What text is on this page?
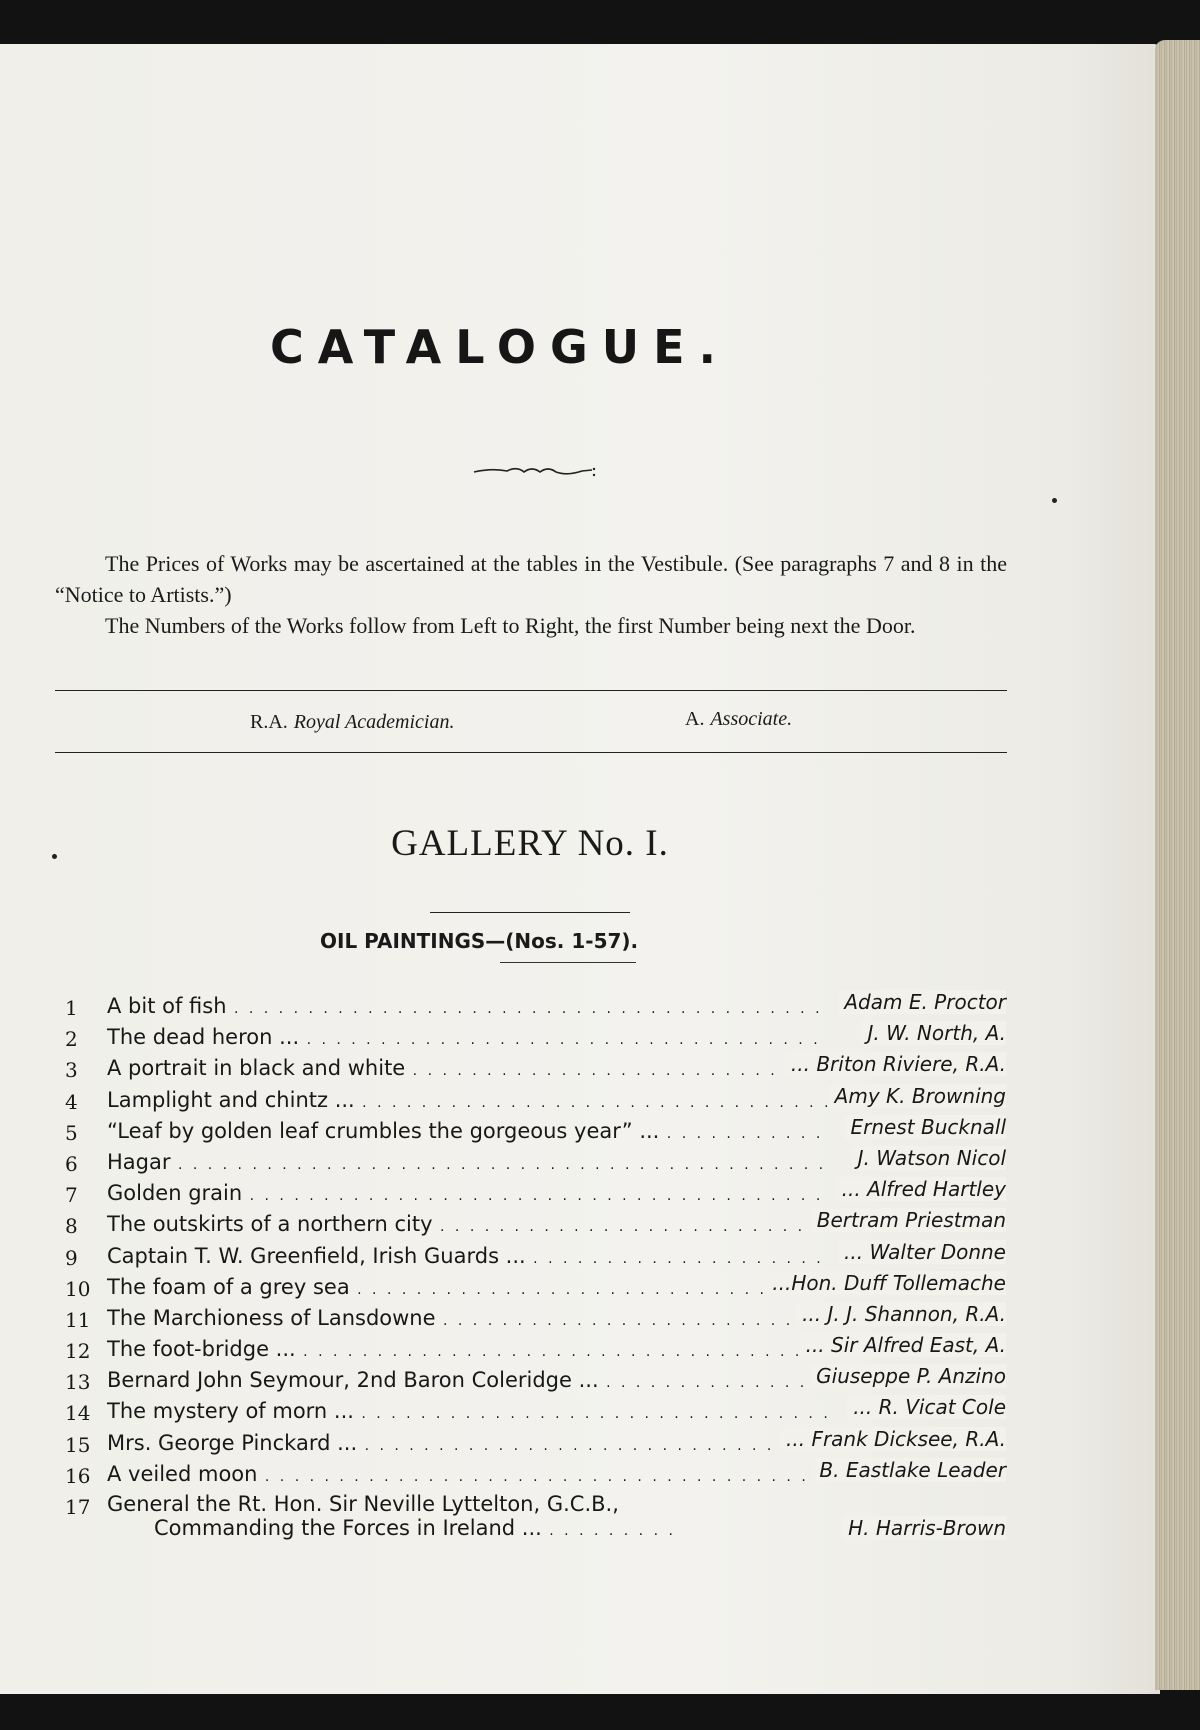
CATALOGUE.

The Prices of Works may be ascertained at the tables in the Vestibule. (See paragraphs 7 and 8 in the “Notice to Artists.”)

The Numbers of the Works follow from Left to Right, the first Number being next the Door.

R.A. Royal Academician.	A. Associate.
GALLERY No. I.
OIL PAINTINGS—(Nos. 1-57).
1	A bit of fish . . .	Adam E. Proctor
2	The dead heron ... . . .	J. W. North, A.
3	A portrait in black and white . . .	... Briton Riviere, R.A.
4	Lamplight and chintz ... . . .	Amy K. Browning
5	“Leaf by golden leaf crumbles the gorgeous year” ... . . .	Ernest Bucknall
6	Hagar . . .	J. Watson Nicol
7	Golden grain . . .	... Alfred Hartley
8	The outskirts of a northern city . . .	Bertram Priestman
9	Captain T. W. Greenfield, Irish Guards ... . . .	... Walter Donne
10 The foam of a grey sea . . .	...Hon. Duff Tollemache
11 The Marchioness of Lansdowne . . .	... J. J. Shannon, R.A.
12 The foot-bridge ... . . .	... Sir Alfred East, A.
13 Bernard John Seymour, 2nd Baron Coleridge ... . . .	Giuseppe P. Anzino
14 The mystery of morn ... . . .	... R. Vicat Cole
15 Mrs. George Pinckard ... . . .	... Frank Dicksee, R.A.
16 A veiled moon . . .	B. Eastlake Leader
17 General the Rt. Hon. Sir Neville Lyttelton, G.C.B.,
Commanding the Forces in Ireland ... . . .	H. Harris-Brown
